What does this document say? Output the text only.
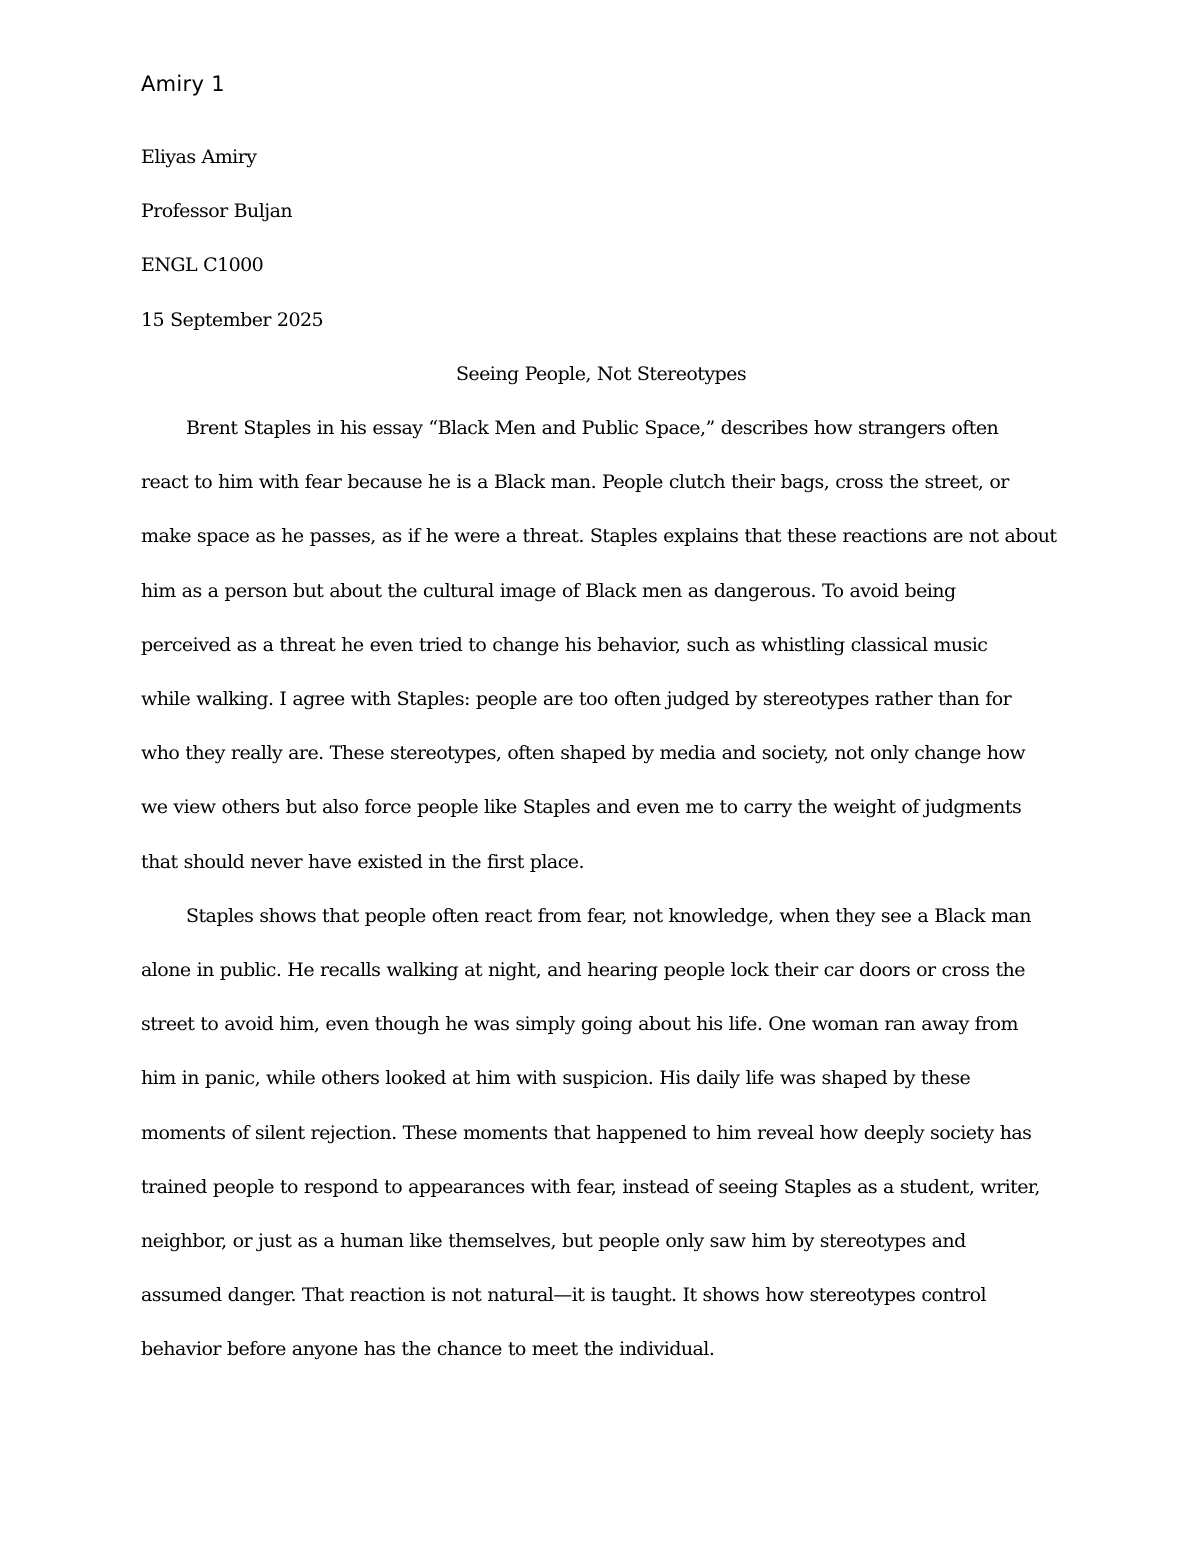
Amiry 1

Eliyas Amiry

Professor Buljan

ENGL C1000

15 September 2025

Seeing People, Not Stereotypes

Brent Staples in his essay “Black Men and Public Space,” describes how strangers often
react to him with fear because he is a Black man. People clutch their bags, cross the street, or
make space as he passes, as if he were a threat. Staples explains that these reactions are not about
him as a person but about the cultural image of Black men as dangerous. To avoid being
perceived as a threat he even tried to change his behavior, such as whistling classical music
while walking. I agree with Staples: people are too often judged by stereotypes rather than for
who they really are. These stereotypes, often shaped by media and society, not only change how
we view others but also force people like Staples and even me to carry the weight of judgments
that should never have existed in the first place.

Staples shows that people often react from fear, not knowledge, when they see a Black man
alone in public. He recalls walking at night, and hearing people lock their car doors or cross the
street to avoid him, even though he was simply going about his life. One woman ran away from
him in panic, while others looked at him with suspicion. His daily life was shaped by these
moments of silent rejection. These moments that happened to him reveal how deeply society has
trained people to respond to appearances with fear, instead of seeing Staples as a student, writer,
neighbor, or just as a human like themselves, but people only saw him by stereotypes and
assumed danger. That reaction is not natural—it is taught. It shows how stereotypes control
behavior before anyone has the chance to meet the individual.
